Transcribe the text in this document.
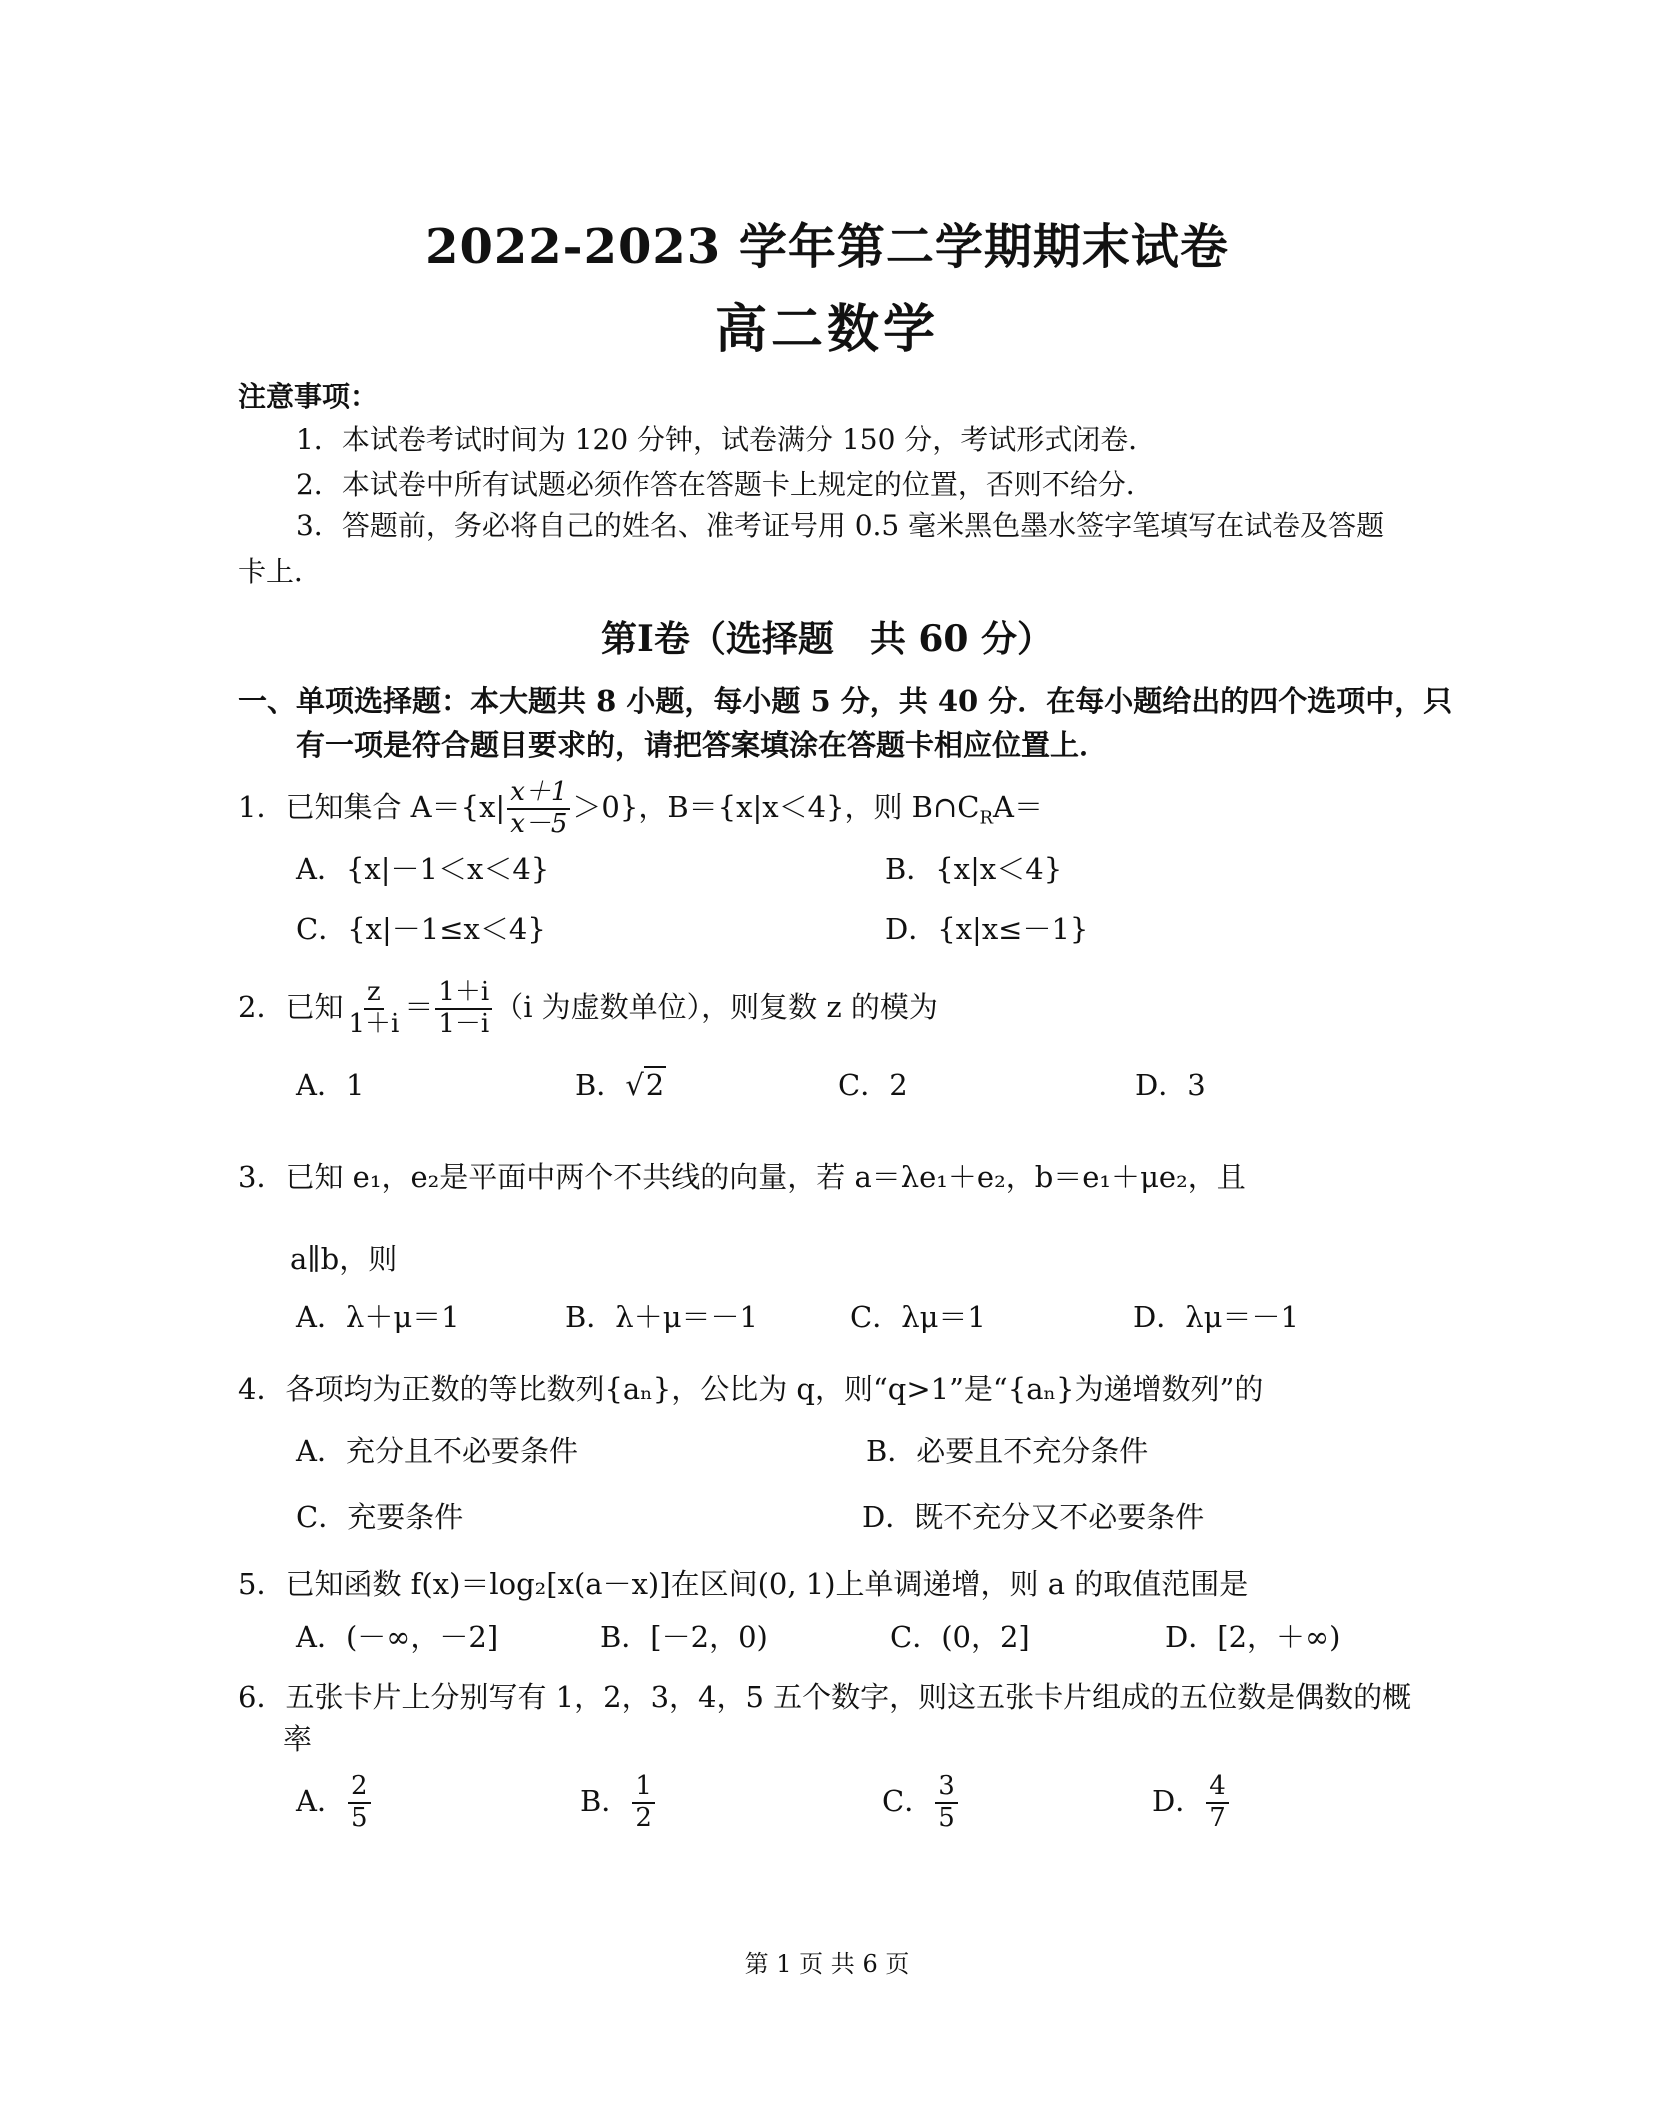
2022-2023 学年第二学期期末试卷
高二数学
注意事项：
1．本试卷考试时间为 120 分钟，试卷满分 150 分，考试形式闭卷．
2．本试卷中所有试题必须作答在答题卡上规定的位置，否则不给分．
3．答题前，务必将自己的姓名、准考证号用 0.5 毫米黑色墨水签字笔填写在试卷及答题
卡上．
第Ⅰ卷（选择题　共 60 分）
一、单项选择题：本大题共 8 小题，每小题 5 分，共 40 分．在每小题给出的四个选项中，只
有一项是符合题目要求的，请把答案填涂在答题卡相应位置上．
1．已知集合 $A=\{x| \frac{x+1}{x-5} >0\}$，B＝{x|x＜4}，则 $B\cap C_RA=$
A．{x|－1＜x＜4}	B．{x|x＜4}
C．{x|－1≤x＜4}	D．{x|x≤－1}
2．已知 $\frac{z}{1+i} = \frac{1+i}{1-i} (i$ 为虚数单位），则复数 z 的模为
A．1	B．√2	C．2	D．3
3．已知 e₁，e₂是平面中两个不共线的向量，若 a＝λe₁＋e₂，b＝e₁＋μe₂，且
a∥b，则
A．λ＋μ＝1	B．λ＋μ＝－1	C．λμ＝1	D．λμ＝－1
4．各项均为正数的等比数列{aₙ}，公比为 q，则“q>1”是“{aₙ}为递增数列”的
A．充分且不必要条件	B．必要且不充分条件
C．充要条件	D．既不充分又不必要条件
5．已知函数 f(x)＝log₂[x(a－x)]在区间(0, 1)上单调递增，则 a 的取值范围是
A．(－∞，－2]	B．[－2，0)	C．(0，2]	D．[2，＋∞)
6．五张卡片上分别写有 1，2，3，4，5 五个数字，则这五张卡片组成的五位数是偶数的概
率
A． $\frac{2}{5}$	B． $\frac{1}{2}$	C． $\frac{3}{5}$	D． $\frac{4}{7}$
第 1 页 共 6 页
